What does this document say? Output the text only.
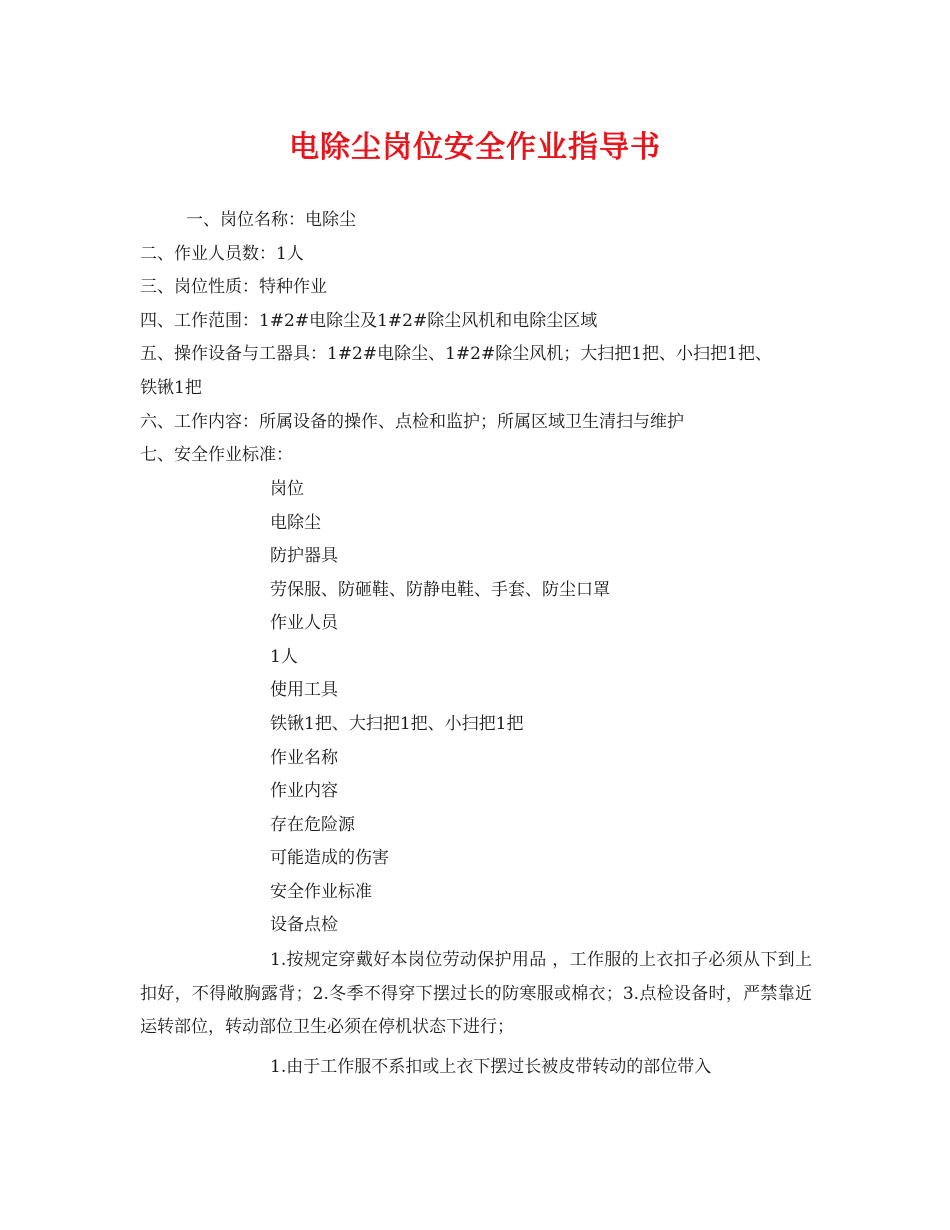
电除尘岗位安全作业指导书
一、岗位名称：电除尘
二、作业人员数：1人
三、岗位性质：特种作业
四、工作范围：1#2#电除尘及1#2#除尘风机和电除尘区域
五、操作设备与工器具：1#2#电除尘、1#2#除尘风机；大扫把1把、小扫把1把、
铁锹1把
六、工作内容：所属设备的操作、点检和监护；所属区域卫生清扫与维护
七、安全作业标准：
岗位
电除尘
防护器具
劳保服、防砸鞋、防静电鞋、手套、防尘口罩
作业人员
1人
使用工具
铁锹1把、大扫把1把、小扫把1把
作业名称
作业内容
存在危险源
可能造成的伤害
安全作业标准
设备点检
1.按规定穿戴好本岗位劳动保护用品 ，工作服的上衣扣子必须从下到上扣好，不得敞胸露背；2.冬季不得穿下摆过长的防寒服或棉衣；3.点检设备时，严禁靠近运转部位，转动部位卫生必须在停机状态下进行；
1.由于工作服不系扣或上衣下摆过长被皮带转动的部位带入
